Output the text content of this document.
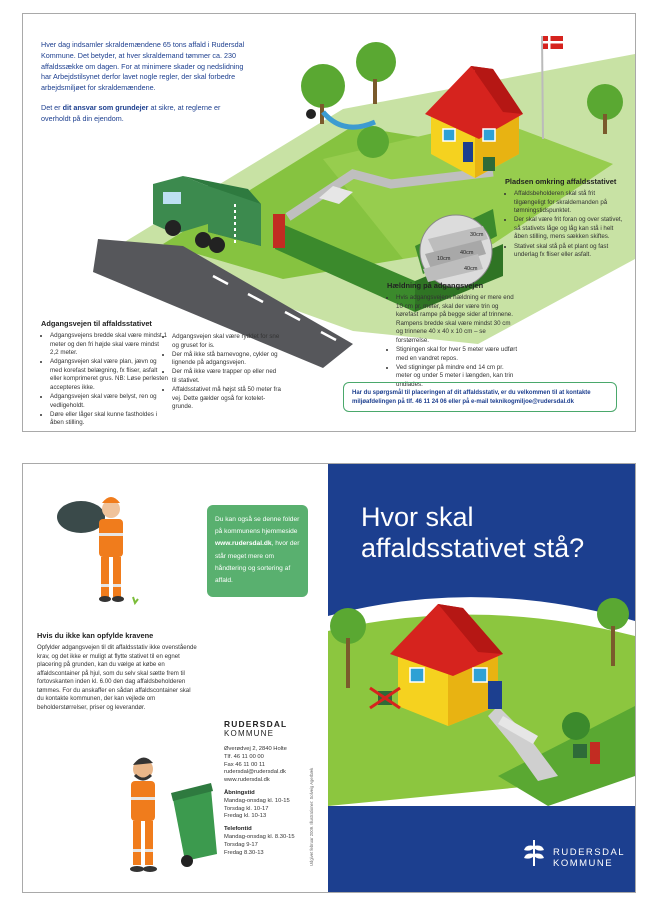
Hver dag indsamler skraldemændene 65 tons affald i Rudersdal Kommune. Det betyder, at hver skraldemand tømmer ca. 230 affaldssække om dagen. For at minimere skader og nedslidning har Arbejdstilsynet derfor lavet nogle regler, der skal forbedre arbejdsmiljøet for skraldemændene.

Det er dit ansvar som grundejer at sikre, at reglerne er overholdt på din ejendom.

30cm
40cm
10cm
40cm
Adgangsvejen til affaldsstativet
• Adgangsvejens bredde skal være mindst 1 meter og den fri højde skal være mindst 2,2 meter.
• Adgangsvejen skal være plan, jævn og med korefast belægning, fx fliser, asfalt eller komprimeret grus. NB: Løse perlesten accepteres ikke.
• Adgangsvejen skal være belyst, ren og vedligeholdt.
• Døre eller låger skal kunne fastholdes i åben stilling.
• Adgangsvejen skal være ryddet for sne og gruset for is.
• Der må ikke stå barnevogne, cykler og lignende på adgangsvejen.
• Der må ikke være trapper op eller ned til stativet.
• Affaldsstativet må højst stå 50 meter fra vej. Dette gælder også for koteletgrunde.
Pladsen omkring affaldsstativet
• Affaldsbeholderen skal stå frit tilgængeligt for skraldemanden på tømningstidspunktet.
• Der skal være frit foran og over stativet, så stativets låge og låg kan stå i helt åben stilling, mens sækken skiftes.
• Stativet skal stå på et plant og fast underlag fx fliser eller asfalt.
Hældning på adgangsvejen
• Hvis adgangsvejens hældning er mere end 10 cm pr. meter, skal der være trin og kørefast rampe på begge sider af trinnene. Rampens bredde skal være mindst 30 cm og trinnene 40 x 40 x 10 cm – se forstørrelse.
• Stigningen skal for hver 5 meter være udført med en vandret repos.
• Ved stigninger på mindre end 14 cm pr. meter og under 5 meter i længden, kan trin undlades.
Har du spørgsmål til placeringen af dit affaldsstativ, er du velkommen til at kontakte miljøafdelingen på tlf. 46 11 24 06 eller på e-mail teknikogmiljoe@rudersdal.dk
Du kan også se denne folder på kommunens hjemmeside www.rudersdal.dk, hvor der står meget mere om håndtering og sortering af affald.
Hvis du ikke kan opfylde kravene

Opfylder adgangsvejen til dit affaldsstativ ikke ovenstående krav, og det ikke er muligt at flytte stativet til en egnet placering på grunden, kan du vælge at købe en affaldscontainer på hjul, som du selv skal sætte frem til fortovskanten inden kl. 6.00 den dag affaldsbeholderen tømmes. For du anskaffer en sådan affaldscontainer skal du kontakte kommunen, der kan vejlede om beholderstørrelser, priser og leverandør.

RUDERSDAL
KOMMUNE
Øverødvej 2, 2840 Holte
Tlf. 46 11 00 00
Fax 46 11 00 11
rudersdal@rudersdal.dk
www.rudersdal.dk
Åbningstid
Mandag-onsdag kl. 10-15
Torsdag kl. 10-17
Fredag kl. 10-13
Telefontid
Mandag-onsdag kl. 8.30-15
Torsdag 9-17
Fredag 8.30-13	Udgivet februar 2009. Illustrationer: Solveig Agerbæk
Hvor skal
affaldsstativet stå?
RUDERSDAL
KOMMUNE
